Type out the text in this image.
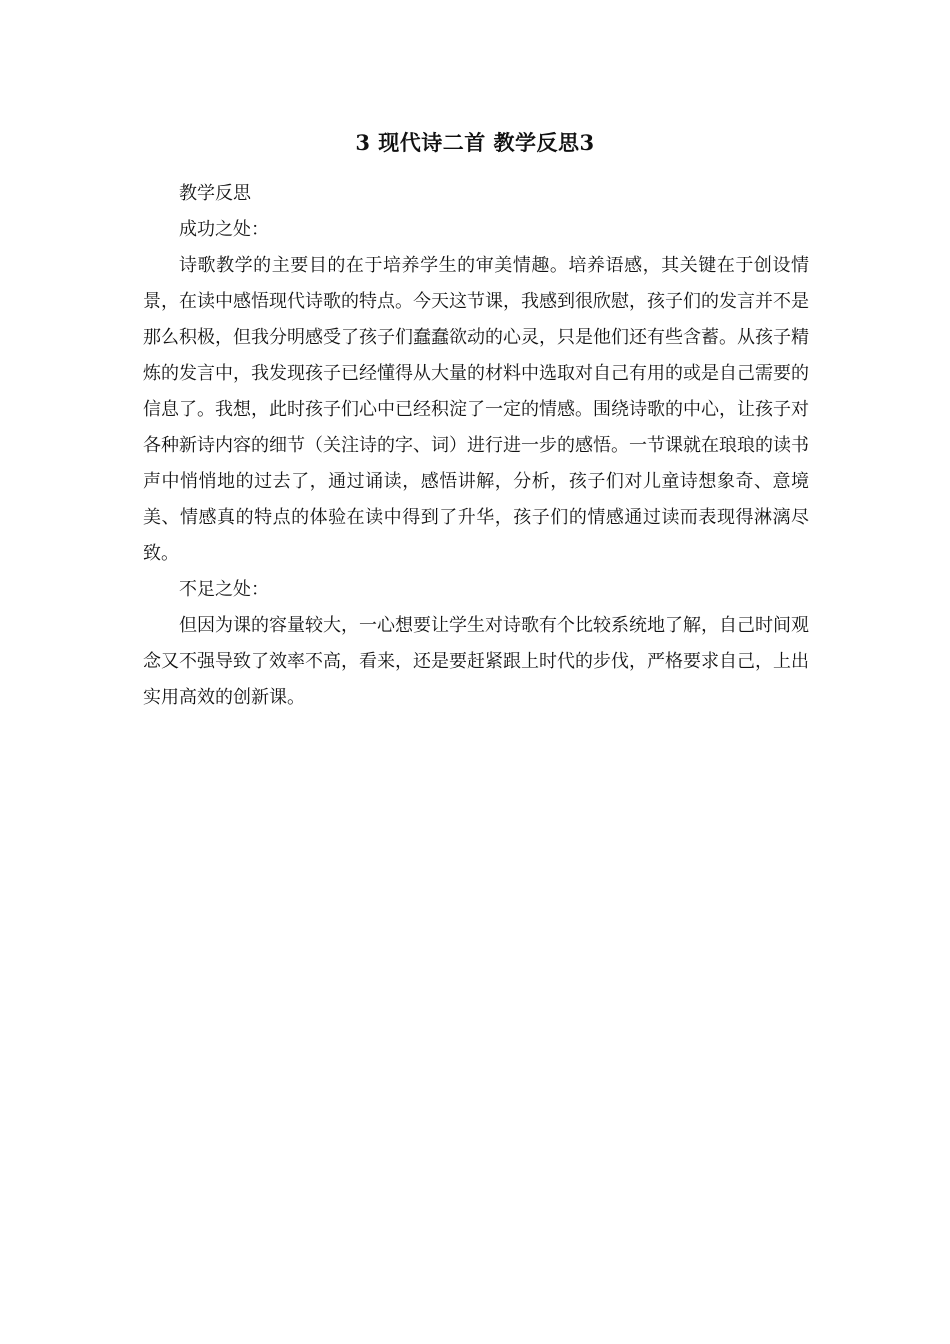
3 现代诗二首 教学反思3

教学反思

成功之处：

诗歌教学的主要目的在于培养学生的审美情趣。培养语感，其关键在于创设情景，在读中感悟现代诗歌的特点。今天这节课，我感到很欣慰，孩子们的发言并不是那么积极，但我分明感受了孩子们蠢蠢欲动的心灵，只是他们还有些含蓄。从孩子精炼的发言中，我发现孩子已经懂得从大量的材料中选取对自己有用的或是自己需要的信息了。我想，此时孩子们心中已经积淀了一定的情感。围绕诗歌的中心，让孩子对各种新诗内容的细节（关注诗的字、词）进行进一步的感悟。一节课就在琅琅的读书声中悄悄地的过去了，通过诵读，感悟讲解，分析，孩子们对儿童诗想象奇、意境美、情感真的特点的体验在读中得到了升华，孩子们的情感通过读而表现得淋漓尽致。

不足之处：

但因为课的容量较大，一心想要让学生对诗歌有个比较系统地了解，自己时间观念又不强导致了效率不高，看来，还是要赶紧跟上时代的步伐，严格要求自己，上出实用高效的创新课。
